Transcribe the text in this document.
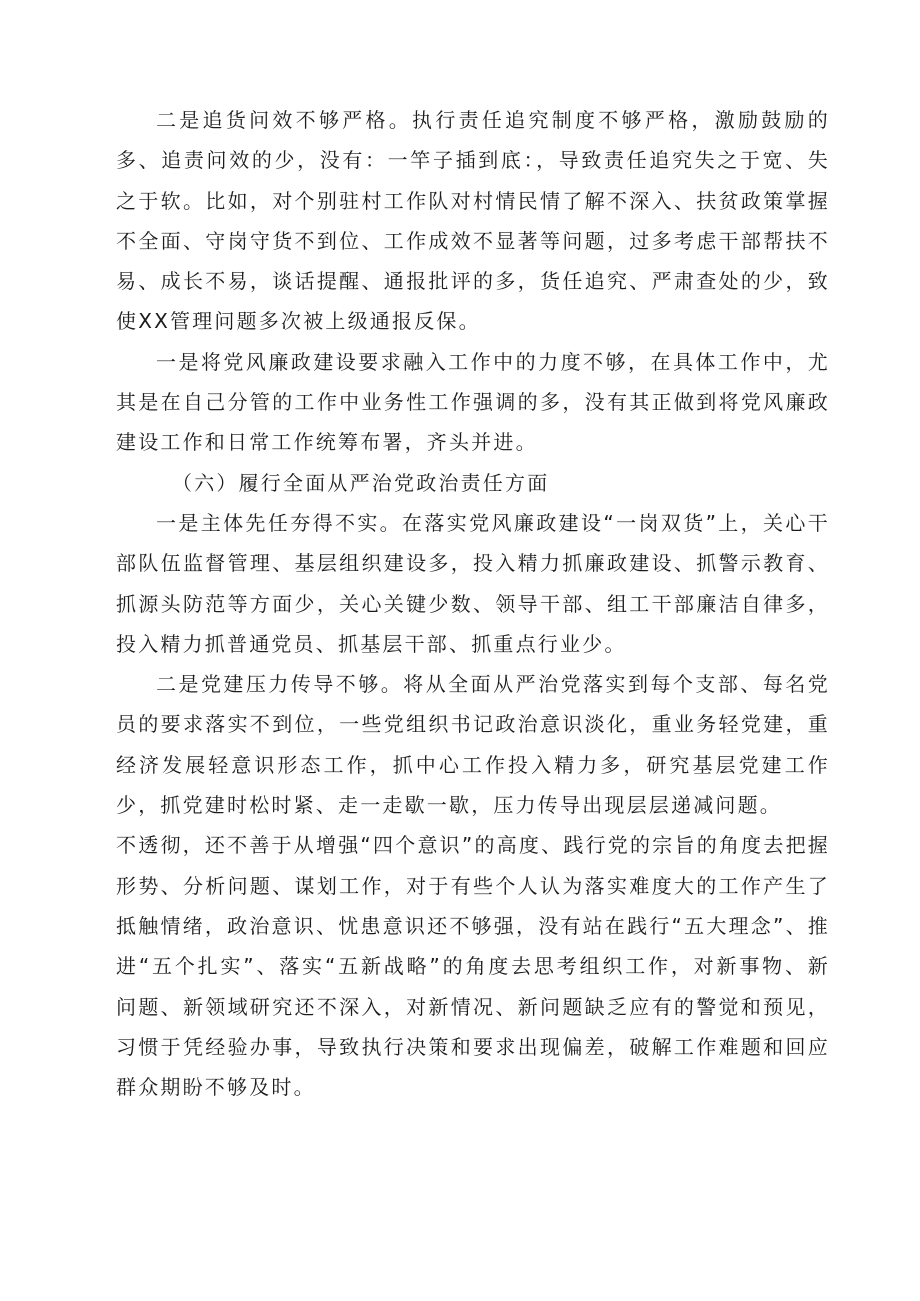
二是追货问效不够严格。执行责任追究制度不够严格，激励鼓励的多、追责问效的少，没有：一竿子插到底：，导致责任追究失之于宽、失之于软。比如，对个别驻村工作队对村情民情了解不深入、扶贫政策掌握不全面、守岗守货不到位、工作成效不显著等问题，过多考虑干部帮扶不易、成长不易，谈话提醒、通报批评的多，货任追究、严肃查处的少，致使XX管理问题多次被上级通报反保。

一是将党风廉政建设要求融入工作中的力度不够，在具体工作中，尤其是在自己分管的工作中业务性工作强调的多，没有其正做到将党风廉政建设工作和日常工作统筹布署，齐头并进。

（六）履行全面从严治党政治责任方面

一是主体先任夯得不实。在落实党风廉政建设“一岗双货”上，关心干部队伍监督管理、基层组织建设多，投入精力抓廉政建设、抓警示教育、抓源头防范等方面少，关心关键少数、领导干部、组工干部廉洁自律多，投入精力抓普通党员、抓基层干部、抓重点行业少。

二是党建压力传导不够。将从全面从严治党落实到每个支部、每名党员的要求落实不到位，一些党组织书记政治意识淡化，重业务轻党建，重经济发展轻意识形态工作，抓中心工作投入精力多，研究基层党建工作少，抓党建时松时紧、走一走歇一歇，压力传导出现层层递减问题。

不透彻，还不善于从增强“四个意识”的高度、践行党的宗旨的角度去把握形势、分析问题、谋划工作，对于有些个人认为落实难度大的工作产生了抵触情绪，政治意识、忧患意识还不够强，没有站在践行“五大理念”、推进“五个扎实”、落实“五新战略”的角度去思考组织工作，对新事物、新问题、新领域研究还不深入，对新情况、新问题缺乏应有的警觉和预见，习惯于凭经验办事，导致执行决策和要求出现偏差，破解工作难题和回应群众期盼不够及时。
